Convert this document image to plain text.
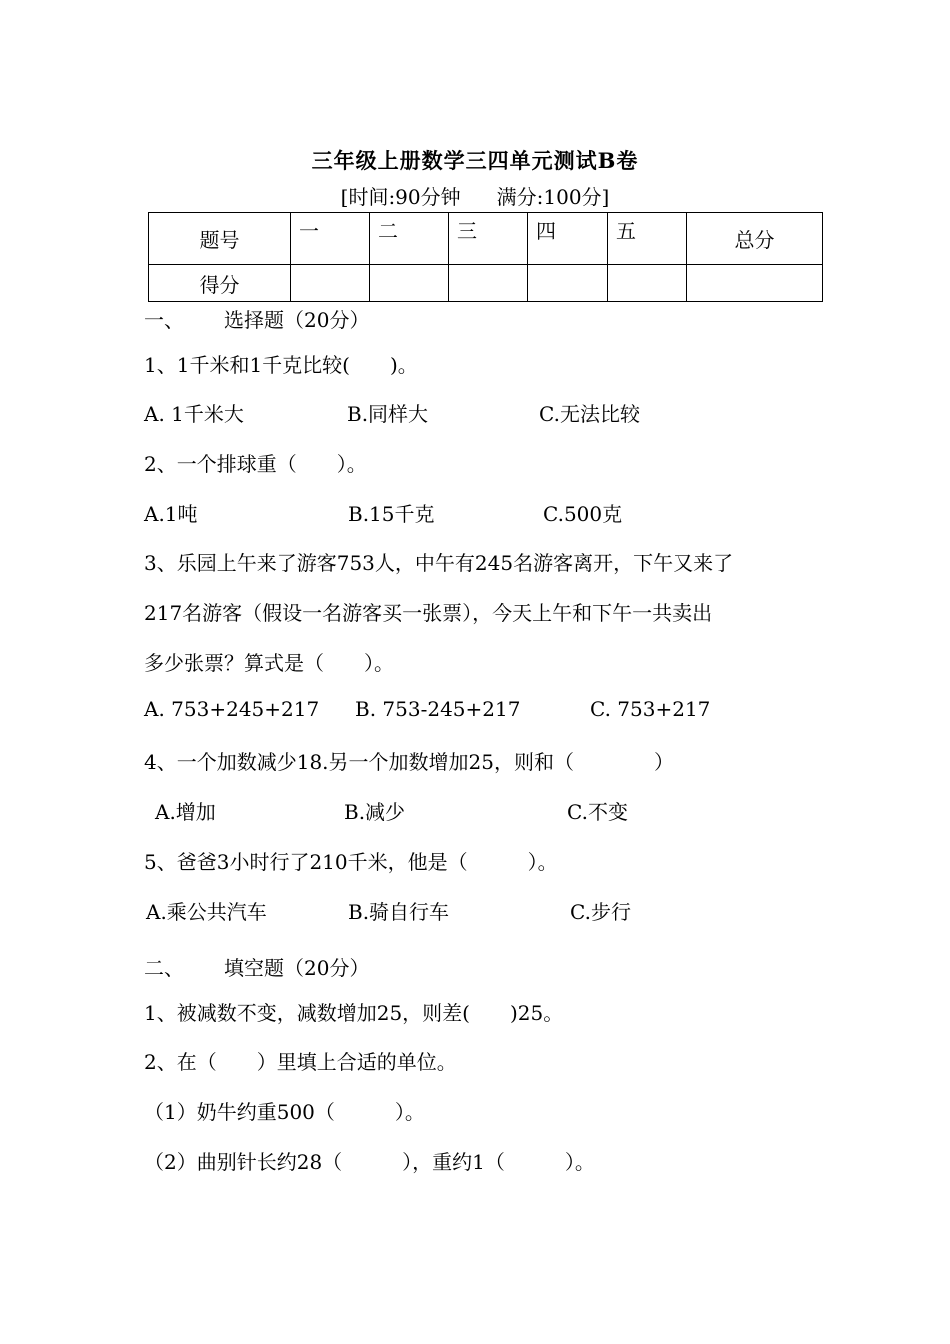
三年级上册数学三四单元测试B卷
[时间:90分钟 满分:100分]
题号	一	二	三	四	五	总分
得分						
一、 选择题（20分）
1、1千米和1千克比较(　　)。
A. 1千米大	B.同样大	C.无法比较
2、一个排球重（　　）。
A.1吨	B.15千克	C.500克
3、乐园上午来了游客753人，中午有245名游客离开，下午又来了
217名游客（假设一名游客买一张票），今天上午和下午一共卖出
多少张票？算式是（　　）。
A. 753+245+217 B. 753-245+217	C. 753+217
4、一个加数减少18.另一个加数增加25，则和（　　　　）
A.增加	B.减少	C.不变
5、爸爸3小时行了210千米，他是（　　　）。
A.乘公共汽车	B.骑自行车	C.步行
二、 填空题（20分）
1、被减数不变，减数增加25，则差(　　)25。
2、在（　　）里填上合适的单位。
（1）奶牛约重500（　　　）。
（2）曲别针长约28（　　　），重约1（　　　）。
